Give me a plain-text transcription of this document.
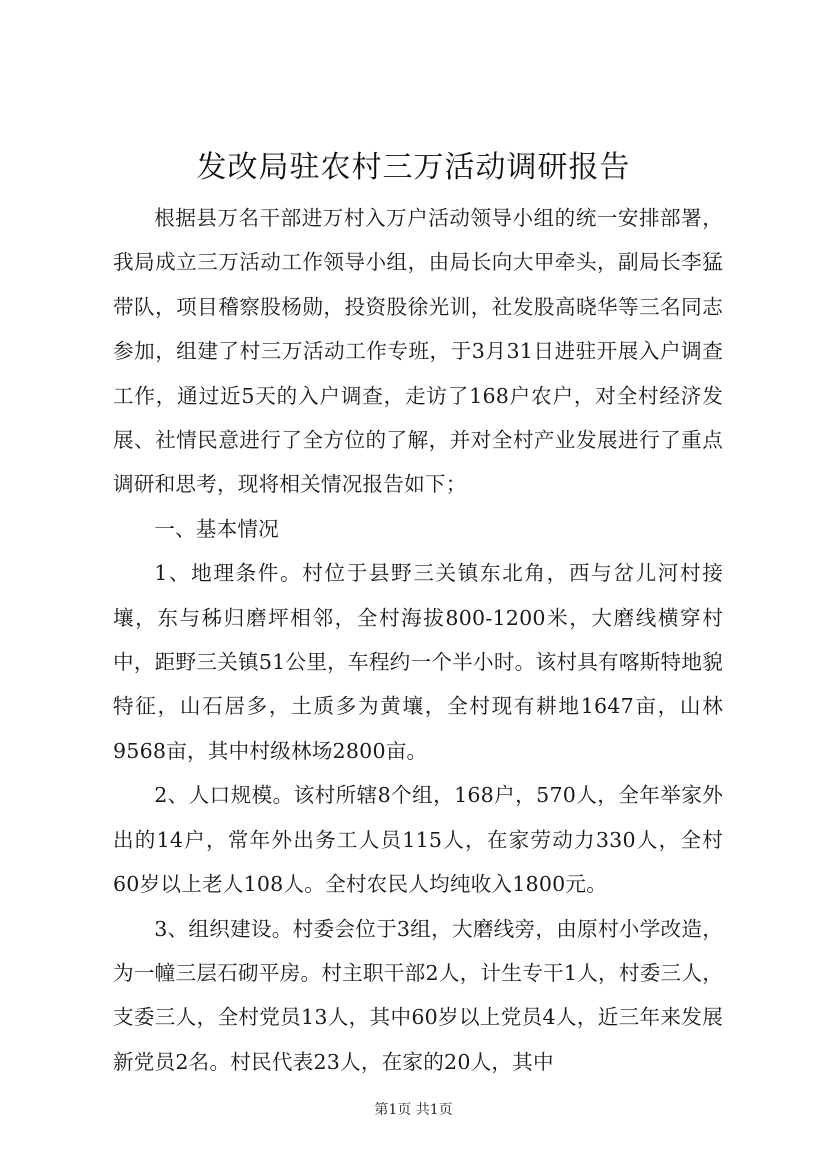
发改局驻农村三万活动调研报告

根据县万名干部进万村入万户活动领导小组的统一安排部署，我局成立三万活动工作领导小组，由局长向大甲牵头，副局长李猛带队，项目稽察股杨勋，投资股徐光训，社发股高晓华等三名同志参加，组建了村三万活动工作专班，于3月31日进驻开展入户调查工作，通过近5天的入户调查，走访了168户农户，对全村经济发展、社情民意进行了全方位的了解，并对全村产业发展进行了重点调研和思考，现将相关情况报告如下；

一、基本情况

1、地理条件。村位于县野三关镇东北角，西与岔儿河村接壤，东与秭归磨坪相邻，全村海拔800-1200米，大磨线横穿村中，距野三关镇51公里，车程约一个半小时。该村具有喀斯特地貌特征，山石居多，土质多为黄壤，全村现有耕地1647亩，山林9568亩，其中村级林场2800亩。

2、人口规模。该村所辖8个组，168户，570人，全年举家外出的14户，常年外出务工人员115人，在家劳动力330人，全村60岁以上老人108人。全村农民人均纯收入1800元。

3、组织建设。村委会位于3组，大磨线旁，由原村小学改造，为一幢三层石砌平房。村主职干部2人，计生专干1人，村委三人，支委三人，全村党员13人，其中60岁以上党员4人，近三年来发展新党员2名。村民代表23人，在家的20人，其中

第1页 共1页
